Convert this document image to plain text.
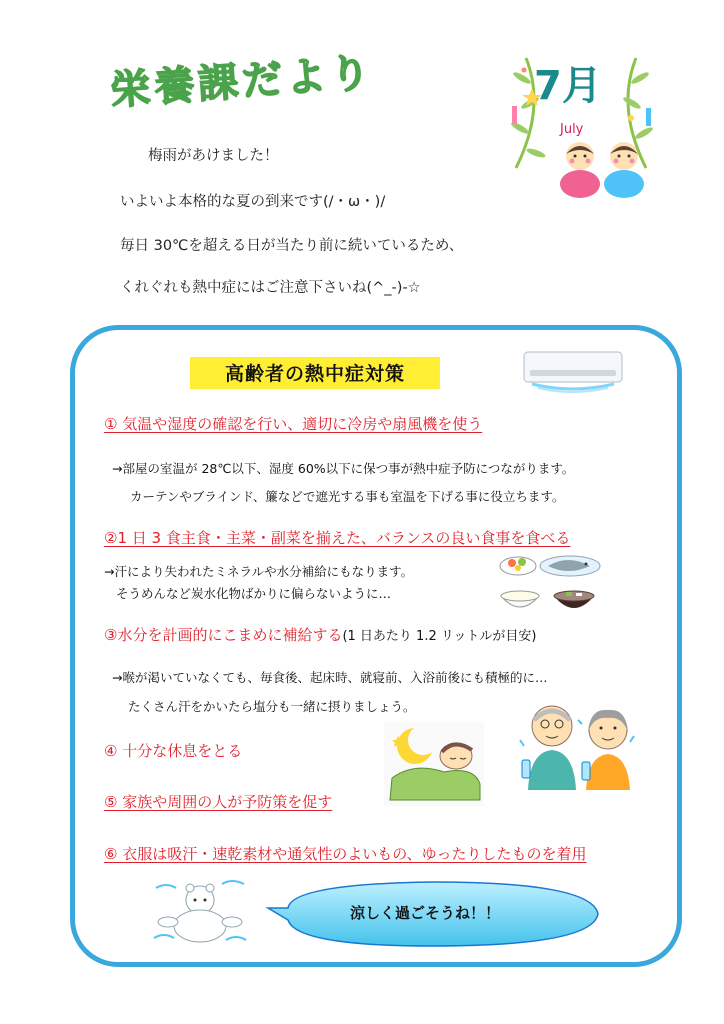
栄養課だより	7月
July
梅雨があけました！
いよいよ本格的な夏の到来です(/・ω・)/
毎日 30℃を超える日が当たり前に続いているため、
くれぐれも熱中症にはご注意下さいね(^_-)-☆
高齢者の熱中症対策
① 気温や湿度の確認を行い、適切に冷房や扇風機を使う
→部屋の室温が 28℃以下、湿度 60%以下に保つ事が熱中症予防につながります。
カーテンやブラインド、簾などで遮光する事も室温を下げる事に役立ちます。
②1 日 3 食主食・主菜・副菜を揃えた、バランスの良い食事を食べる
→汗により失われたミネラルや水分補給にもなります。
そうめんなど炭水化物ばかりに偏らないように…
③水分を計画的にこまめに補給する(1 日あたり 1.2 リットルが目安)
→喉が渇いていなくても、毎食後、起床時、就寝前、入浴前後にも積極的に…
たくさん汗をかいたら塩分も一緒に摂りましょう。
④ 十分な休息をとる
⑤ 家族や周囲の人が予防策を促す
⑥ 衣服は吸汗・速乾素材や通気性のよいもの、ゆったりしたものを着用
涼しく過ごそうね！！
